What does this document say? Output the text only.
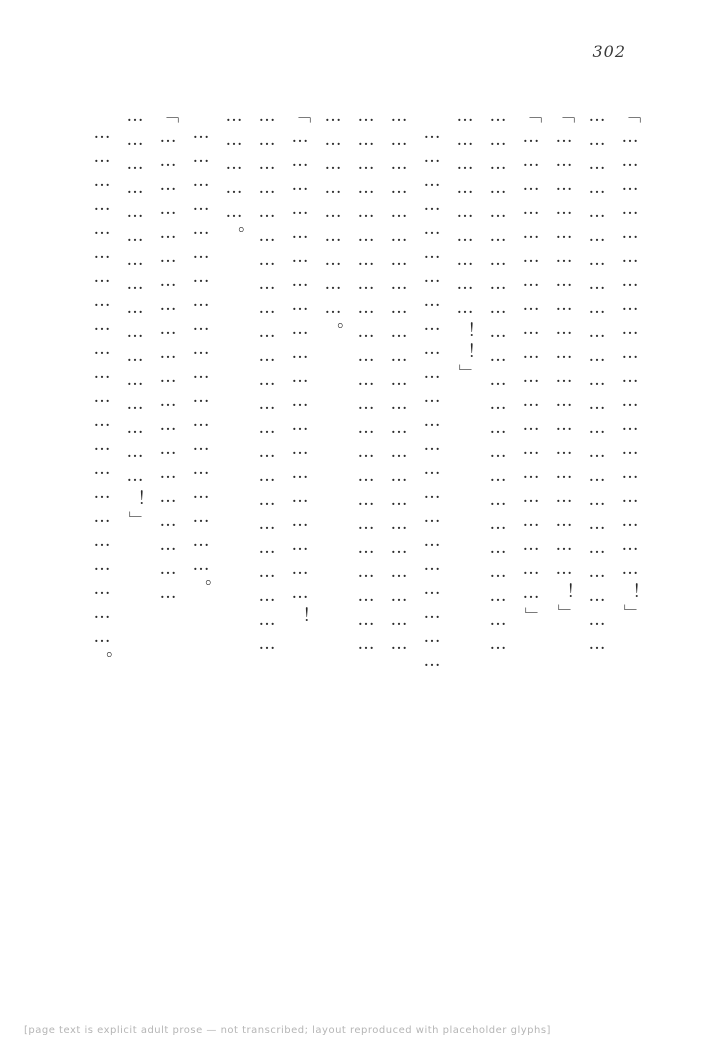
302

「…………………………………………………！」

……………………………………………………………

「…………………………………………………！」

「……………………………………………………」

……………………………………………………………

………………………！！」

……………………………………………………………

……………………………………………………………

……………………………………………………………

………………………。

「……………………………………………………！

……………………………………………………………

……………。

…………………………………………………。

「……………………………………………………

…………………………………………！」

…………………………………………………………。

[page text is explicit adult prose — not transcribed; layout reproduced with placeholder glyphs]
